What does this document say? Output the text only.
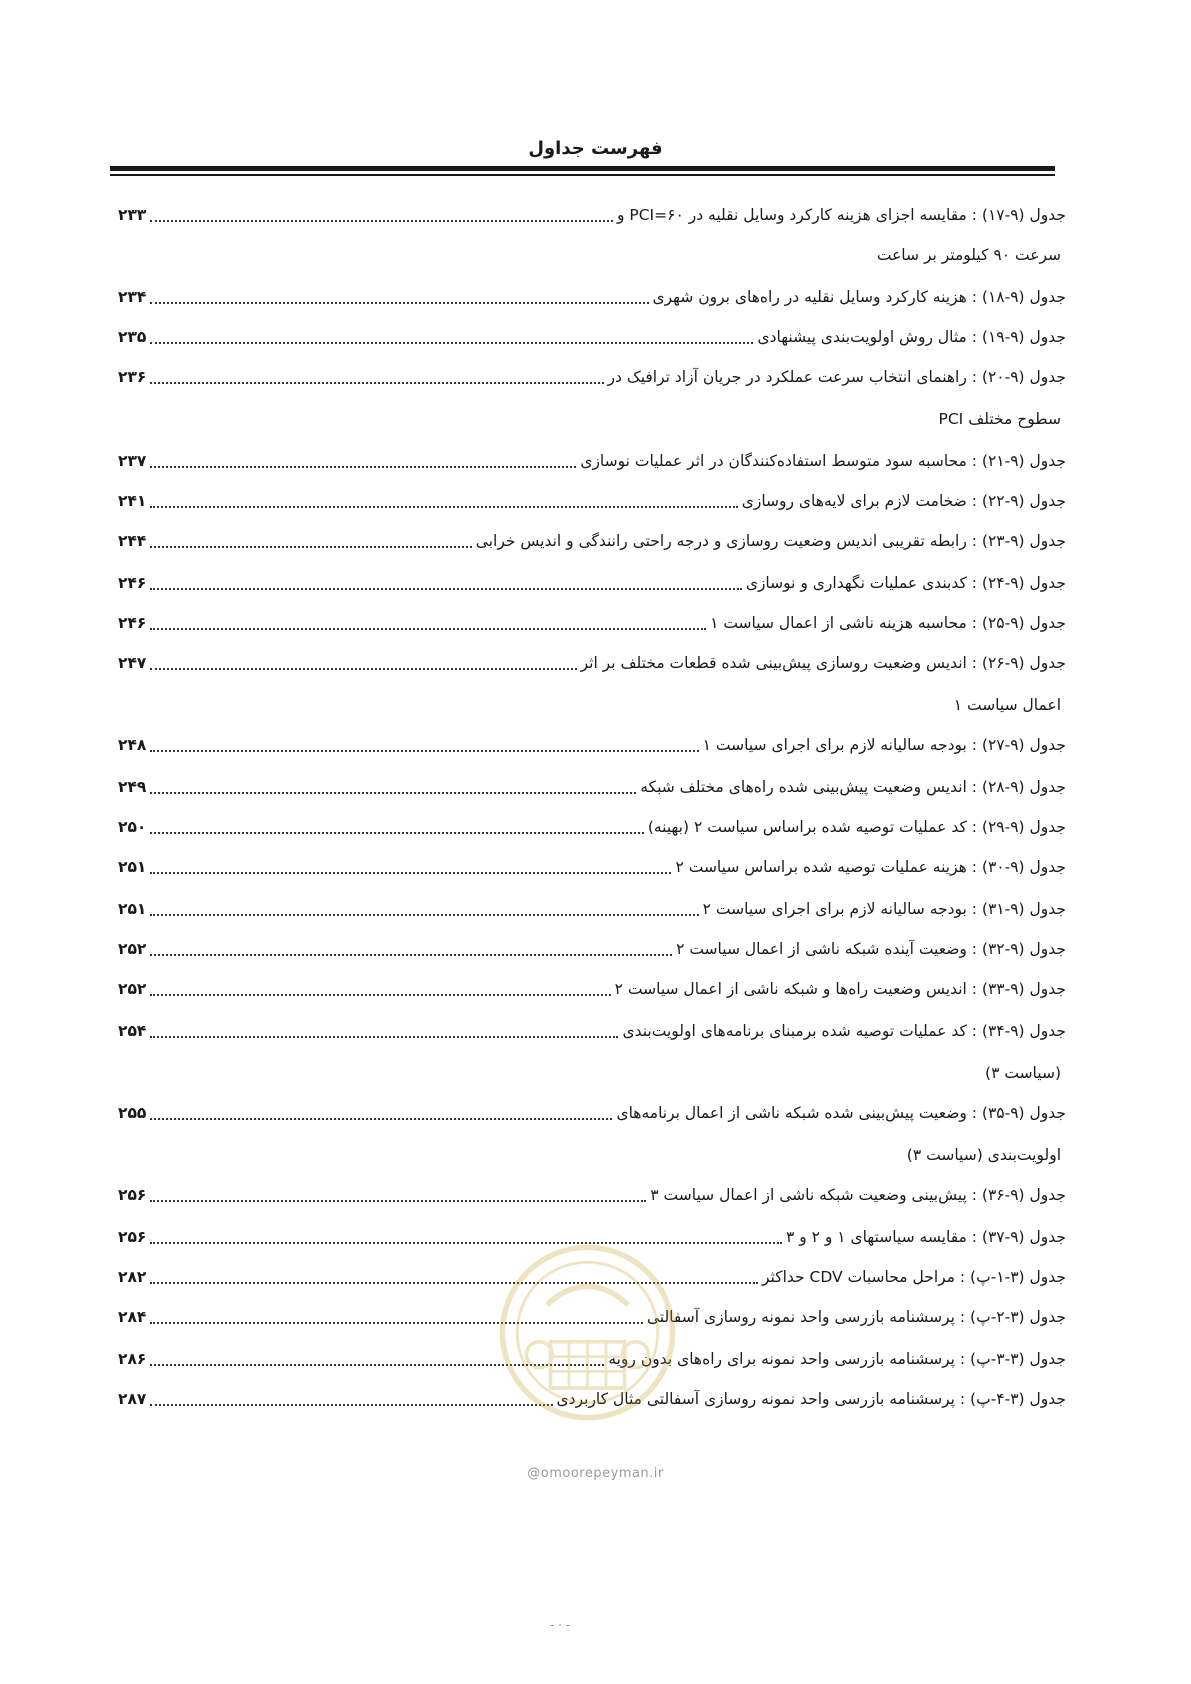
فهرست جداول
جدول (۹-۱۷) : مقایسه اجزای هزینه کارکرد وسایل نقلیه در ۶۰=PCI و
۲۳۳
سرعت ۹۰ کیلومتر بر ساعت
جدول (۹-۱۸) : هزینه کارکرد وسایل نقلیه در راه‌های برون شهری
۲۳۴
جدول (۹-۱۹) : مثال روش اولویت‌بندی پیشنهادی
۲۳۵
جدول (۹-۲۰) : راهنمای انتخاب سرعت عملکرد در جریان آزاد ترافیک در
۲۳۶
سطوح مختلف PCI
جدول (۹-۲۱) : محاسبه سود متوسط استفاده‌کنندگان در اثر عملیات نوسازی
۲۳۷
جدول (۹-۲۲) : ضخامت لازم برای لایه‌های روسازی
۲۴۱
جدول (۹-۲۳) : رابطه تقریبی اندیس وضعیت روسازی و درجه راحتی رانندگی و اندیس خرابی
۲۴۴
جدول (۹-۲۴) : کدبندی عملیات نگهداری و نوسازی
۲۴۶
جدول (۹-۲۵) : محاسبه هزینه ناشی از اعمال سیاست ۱
۲۴۶
جدول (۹-۲۶) : اندیس وضعیت روسازی پیش‌بینی شده قطعات مختلف بر اثر
۲۴۷
اعمال سیاست ۱
جدول (۹-۲۷) : بودجه سالیانه لازم برای اجرای سیاست ۱
۲۴۸
جدول (۹-۲۸) : اندیس وضعیت پیش‌بینی شده راه‌های مختلف شبکه
۲۴۹
جدول (۹-۲۹) : کد عملیات توصیه شده براساس سیاست ۲ (بهینه)
۲۵۰
جدول (۹-۳۰) : هزینه عملیات توصیه شده براساس سیاست ۲
۲۵۱
جدول (۹-۳۱) : بودجه سالیانه لازم برای اجرای سیاست ۲
۲۵۱
جدول (۹-۳۲) : وضعیت آینده شبکه ناشی از اعمال سیاست ۲
۲۵۲
جدول (۹-۳۳) : اندیس وضعیت راه‌ها و شبکه ناشی از اعمال سیاست ۲
۲۵۲
جدول (۹-۳۴) : کد عملیات توصیه شده برمبنای برنامه‌های اولویت‌بندی
۲۵۴
(سیاست ۳)
جدول (۹-۳۵) : وضعیت پیش‌بینی شده شبکه ناشی از اعمال برنامه‌های
۲۵۵
اولویت‌بندی (سیاست ۳)
جدول (۹-۳۶) : پیش‌بینی وضعیت شبکه ناشی از اعمال سیاست ۳
۲۵۶
جدول (۹-۳۷) : مقایسه سیاستهای ۱ و ۲ و ۳
۲۵۶
جدول (۳-۱-پ) : مراحل محاسبات CDV حداکثر
۲۸۲
جدول (۳-۲-پ) : پرسشنامه بازرسی واحد نمونه روسازی آسفالتی
۲۸۴
جدول (۳-۳-پ) : پرسشنامه بازرسی واحد نمونه برای راه‌های بدون رویه
۲۸۶
جدول (۳-۴-پ) : پرسشنامه بازرسی واحد نمونه روسازی آسفالتی مثال کاربردی
۲۸۷
@omoorepeyman.ir
- · -
